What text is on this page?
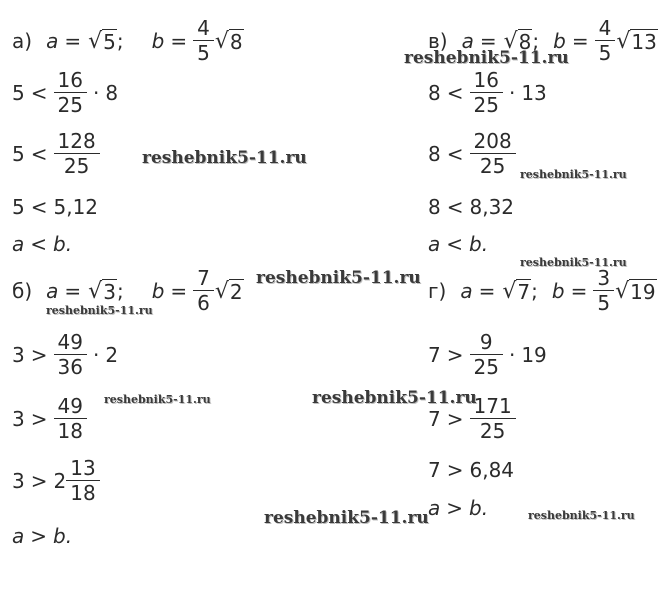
а) a = √ 5 ; $b = \frac{4}{5}$ √ 8
$5 < \frac{16}{25} \cdot 8$
$5 < \frac{128}{25}$
5 < 5,12
a < b.
б) a = √ 3 ; $b = \frac{7}{6}$ √ 2
$3 > \frac{49}{36} \cdot 2$
$3 > \frac{49}{18}$
$3 > 2 \frac{13}{18}$
a > b.
в) a = √ 8 ; $b = \frac{4}{5}$ √ 13
$8 < \frac{16}{25} \cdot 13$
$8 < \frac{208}{25}$
8 < 8,32
a < b.
г) a = √ 7 ; $b = \frac{3}{5}$ √ 19
$7 > \frac{9}{25} \cdot 19$
$7 > \frac{171}{25}$
7 > 6,84
a > b.
reshebnik5-11.ru
reshebnik5-11.ru
reshebnik5-11.ru
reshebnik5-11.ru
reshebnik5-11.ru
reshebnik5-11.ru
reshebnik5-11.ru	reshebnik5-11.ru
reshebnik5-11.ru
reshebnik5-11.ru
